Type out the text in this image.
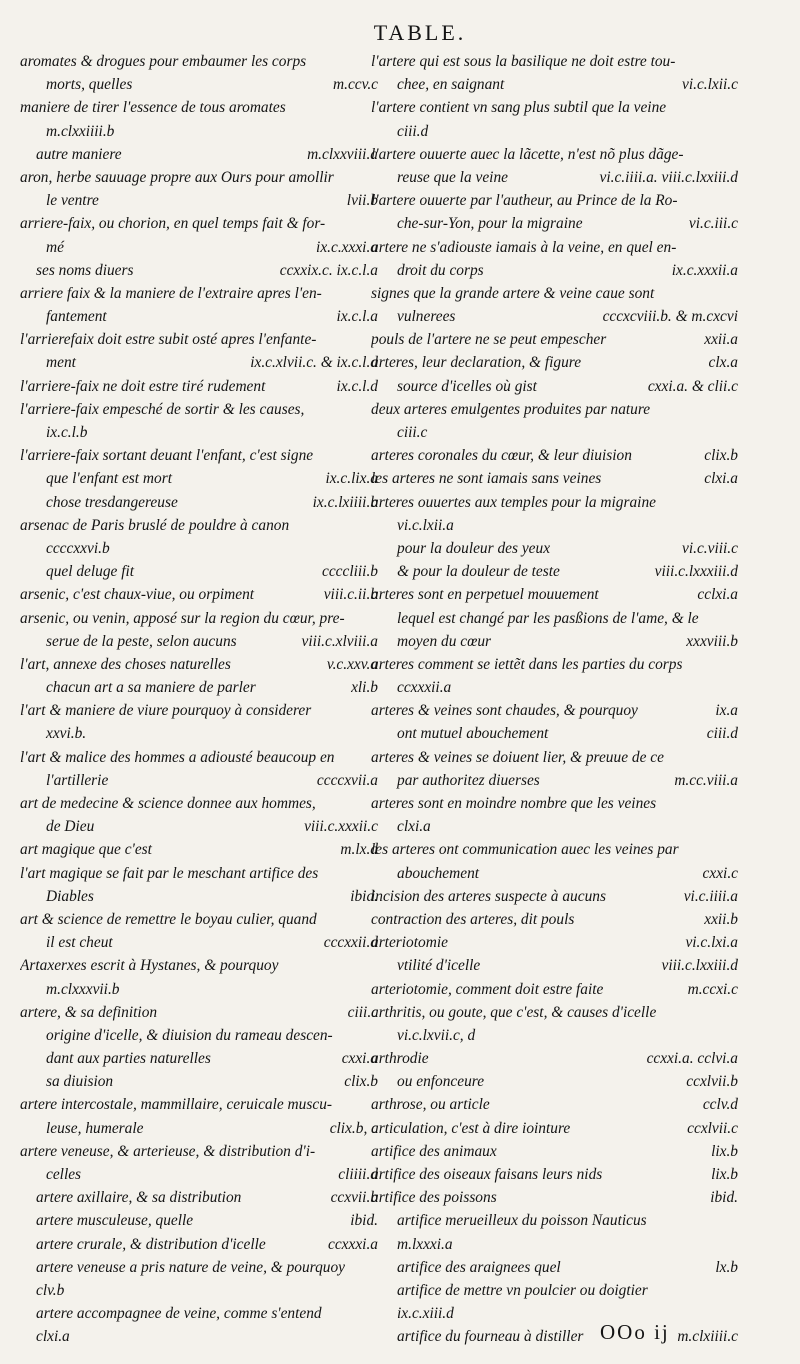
TABLE.
aromates & drogues pour embaumer les corps
morts, quelles	m.ccv.c
maniere de tirer l'essence de tous aromates
m.clxxiiii.b
autre maniere	m.clxxviii.a
aron, herbe sauuage propre aux Ours pour amollir
le ventre	lvii.b
arriere-faix, ou chorion, en quel temps fait & for-
mé	ix.c.xxxi.a
ses noms diuers	ccxxix.c. ix.c.l.a
arriere faix & la maniere de l'extraire apres l'en-
fantement	ix.c.l.a
l'arrierefaix doit estre subit osté apres l'enfante-
ment	ix.c.xlvii.c. & ix.c.l.d
l'arriere-faix ne doit estre tiré rudement	ix.c.l.d
l'arriere-faix empesché de sortir & les causes,
ix.c.l.b
l'arriere-faix sortant deuant l'enfant, c'est signe
que l'enfant est mort	ix.c.lix.a
chose tresdangereuse	ix.c.lxiiii.b
arsenac de Paris bruslé de pouldre à canon
ccccxxvi.b
quel deluge fit	ccccliii.b
arsenic, c'est chaux-viue, ou orpiment	viii.c.ii.b
arsenic, ou venin, apposé sur la region du cœur, pre-
serue de la peste, selon aucuns	viii.c.xlviii.a
l'art, annexe des choses naturelles	v.c.xxv.a
chacun art a sa maniere de parler	xli.b
l'art & maniere de viure pourquoy à considerer
xxvi.b.
l'art & malice des hommes a adiousté beaucoup en
l'artillerie	ccccxvii.a
art de medecine & science donnee aux hommes,
de Dieu	viii.c.xxxii.c
art magique que c'est	m.lx.d
l'art magique se fait par le meschant artifice des
Diables	ibid.
art & science de remettre le boyau culier, quand
il est cheut	cccxxii.d
Artaxerxes escrit à Hystanes, & pourquoy
m.clxxxvii.b
artere, & sa definition	ciii.c
origine d'icelle, & diuision du rameau descen-
dant aux parties naturelles	cxxi.a
sa diuision	clix.b
artere intercostale, mammillaire, ceruicale muscu-
leuse, humerale	clix.b, c
artere veneuse, & arterieuse, & distribution d'i-
celles	cliiii.d
artere axillaire, & sa distribution	ccxvii.b
artere musculeuse, quelle	ibid.
artere crurale, & distribution d'icelle	ccxxxi.a
artere veneuse a pris nature de veine, & pourquoy
clv.b
artere accompagnee de veine, comme s'entend
clxi.a
l'artere qui est sous la basilique ne doit estre tou-
chee, en saignant	vi.c.lxii.c
l'artere contient vn sang plus subtil que la veine
ciii.d
l'artere ouuerte auec la lãcette, n'est nõ plus dãge-
reuse que la veine	vi.c.iiii.a. viii.c.lxxiii.d
l'artere ouuerte par l'autheur, au Prince de la Ro-
che-sur-Yon, pour la migraine	vi.c.iii.c
artere ne s'adiouste iamais à la veine, en quel en-
droit du corps	ix.c.xxxii.a
signes que la grande artere & veine caue sont
vulnerees	cccxcviii.b. & m.cxcvi
pouls de l'artere ne se peut empescher	xxii.a
arteres, leur declaration, & figure	clx.a
source d'icelles où gist	cxxi.a. & clii.c
deux arteres emulgentes produites par nature
ciii.c
arteres coronales du cœur, & leur diuision	clix.b
les arteres ne sont iamais sans veines	clxi.a
arteres ouuertes aux temples pour la migraine
vi.c.lxii.a
pour la douleur des yeux	vi.c.viii.c
& pour la douleur de teste	viii.c.lxxxiii.d
arteres sont en perpetuel mouuement	cclxi.a
lequel est changé par les pasßions de l'ame, & le
moyen du cœur	xxxviii.b
arteres comment se iettẽt dans les parties du corps
ccxxxii.a
arteres & veines sont chaudes, & pourquoy	ix.a
ont mutuel abouchement	ciii.d
arteres & veines se doiuent lier, & preuue de ce
par authoritez diuerses	m.cc.viii.a
arteres sont en moindre nombre que les veines
clxi.a
les arteres ont communication auec les veines par
abouchement	cxxi.c
incision des arteres suspecte à aucuns	vi.c.iiii.a
contraction des arteres, dit pouls	xxii.b
arteriotomie	vi.c.lxi.a
vtilité d'icelle	viii.c.lxxiii.d
arteriotomie, comment doit estre faite	m.ccxi.c
arthritis, ou goute, que c'est, & causes d'icelle
vi.c.lxvii.c, d
arthrodie	ccxxi.a. cclvi.a
ou enfonceure	ccxlvii.b
arthrose, ou article	cclv.d
articulation, c'est à dire iointure	ccxlvii.c
artifice des animaux	lix.b
artifice des oiseaux faisans leurs nids	lix.b
artifice des poissons	ibid.
artifice merueilleux du poisson Nauticus
m.lxxxi.a
artifice des araignees quel	lx.b
artifice de mettre vn poulcier ou doigtier
ix.c.xiii.d
artifice du fourneau à distiller	m.clxiiii.c
OOo ij
